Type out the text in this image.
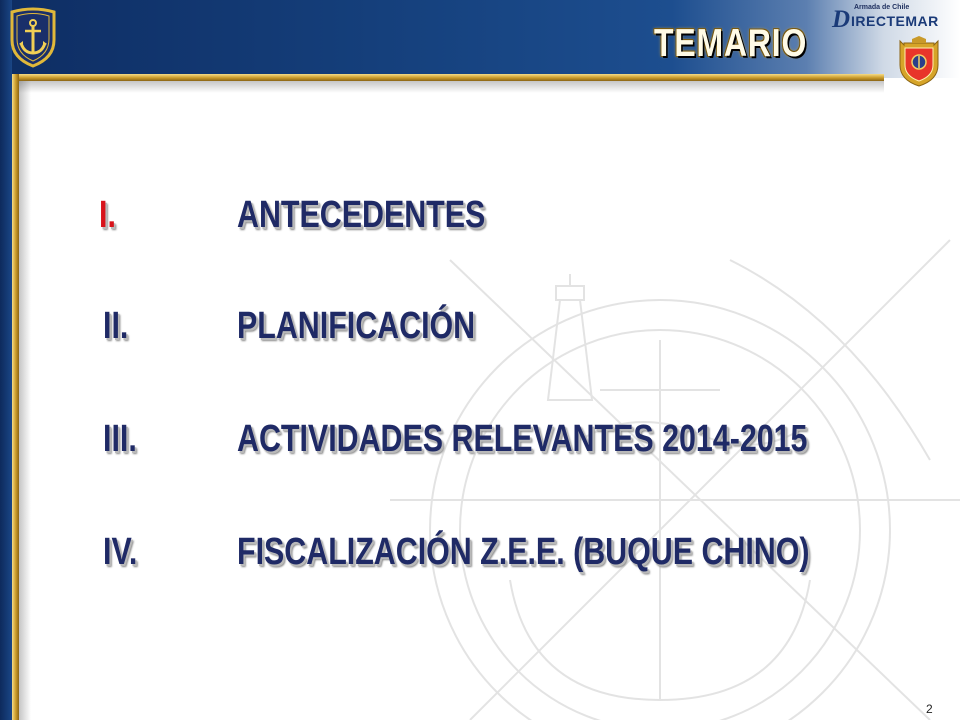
TEMARIO
Armada de Chile
D IRECTEMAR
I.	ANTECEDENTES
II.	PLANIFICACIÓN
III.	ACTIVIDADES RELEVANTES 2014-2015
IV.	FISCALIZACIÓN Z.E.E. (BUQUE CHINO)
2
